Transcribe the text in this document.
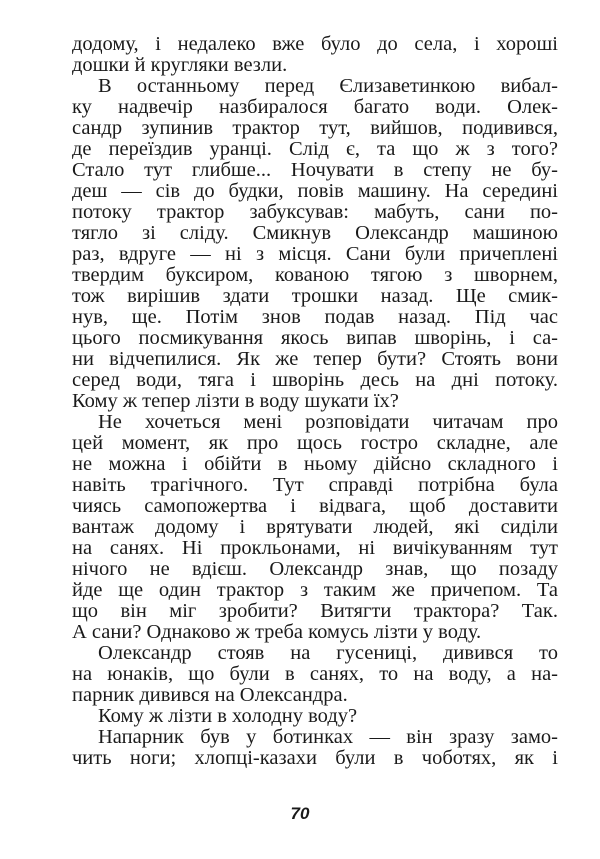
додому, і недалеко вже було до села, і хороші
дошки й кругляки везли.
В останньому перед Єлизаветинкою вибал-
ку надвечір назбиралося багато води. Олек-
сандр зупинив трактор тут, вийшов, подивився,
де переїздив уранці. Слід є, та що ж з того?
Стало тут глибше... Ночувати в степу не бу-
деш — сів до будки, повів машину. На середині
потоку трактор забуксував: мабуть, сани по-
тягло зі сліду. Смикнув Олександр машиною
раз, вдруге — ні з місця. Сани були причеплені
твердим буксиром, кованою тягою з шворнем,
тож вирішив здати трошки назад. Ще смик-
нув, ще. Потім знов подав назад. Під час
цього посмикування якось випав шворінь, і са-
ни відчепилися. Як же тепер бути? Стоять вони
серед води, тяга і шворінь десь на дні потоку.
Кому ж тепер лізти в воду шукати їх?
Не хочеться мені розповідати читачам про
цей момент, як про щось гостро складне, але
не можна і обійти в ньому дійсно складного і
навіть трагічного. Тут справді потрібна була
чиясь самопожертва і відвага, щоб доставити
вантаж додому і врятувати людей, які сиділи
на санях. Ні прокльонами, ні вичікуванням тут
нічого не вдієш. Олександр знав, що позаду
йде ще один трактор з таким же причепом. Та
що він міг зробити? Витягти трактора? Так.
А сани? Однаково ж треба комусь лізти у воду.
Олександр стояв на гусениці, дивився то
на юнаків, що були в санях, то на воду, а на-
парник дивився на Олександра.
Кому ж лізти в холодну воду?
Напарник був у ботинках — він зразу замо-
чить ноги; хлопці-казахи були в чоботях, як і
70
